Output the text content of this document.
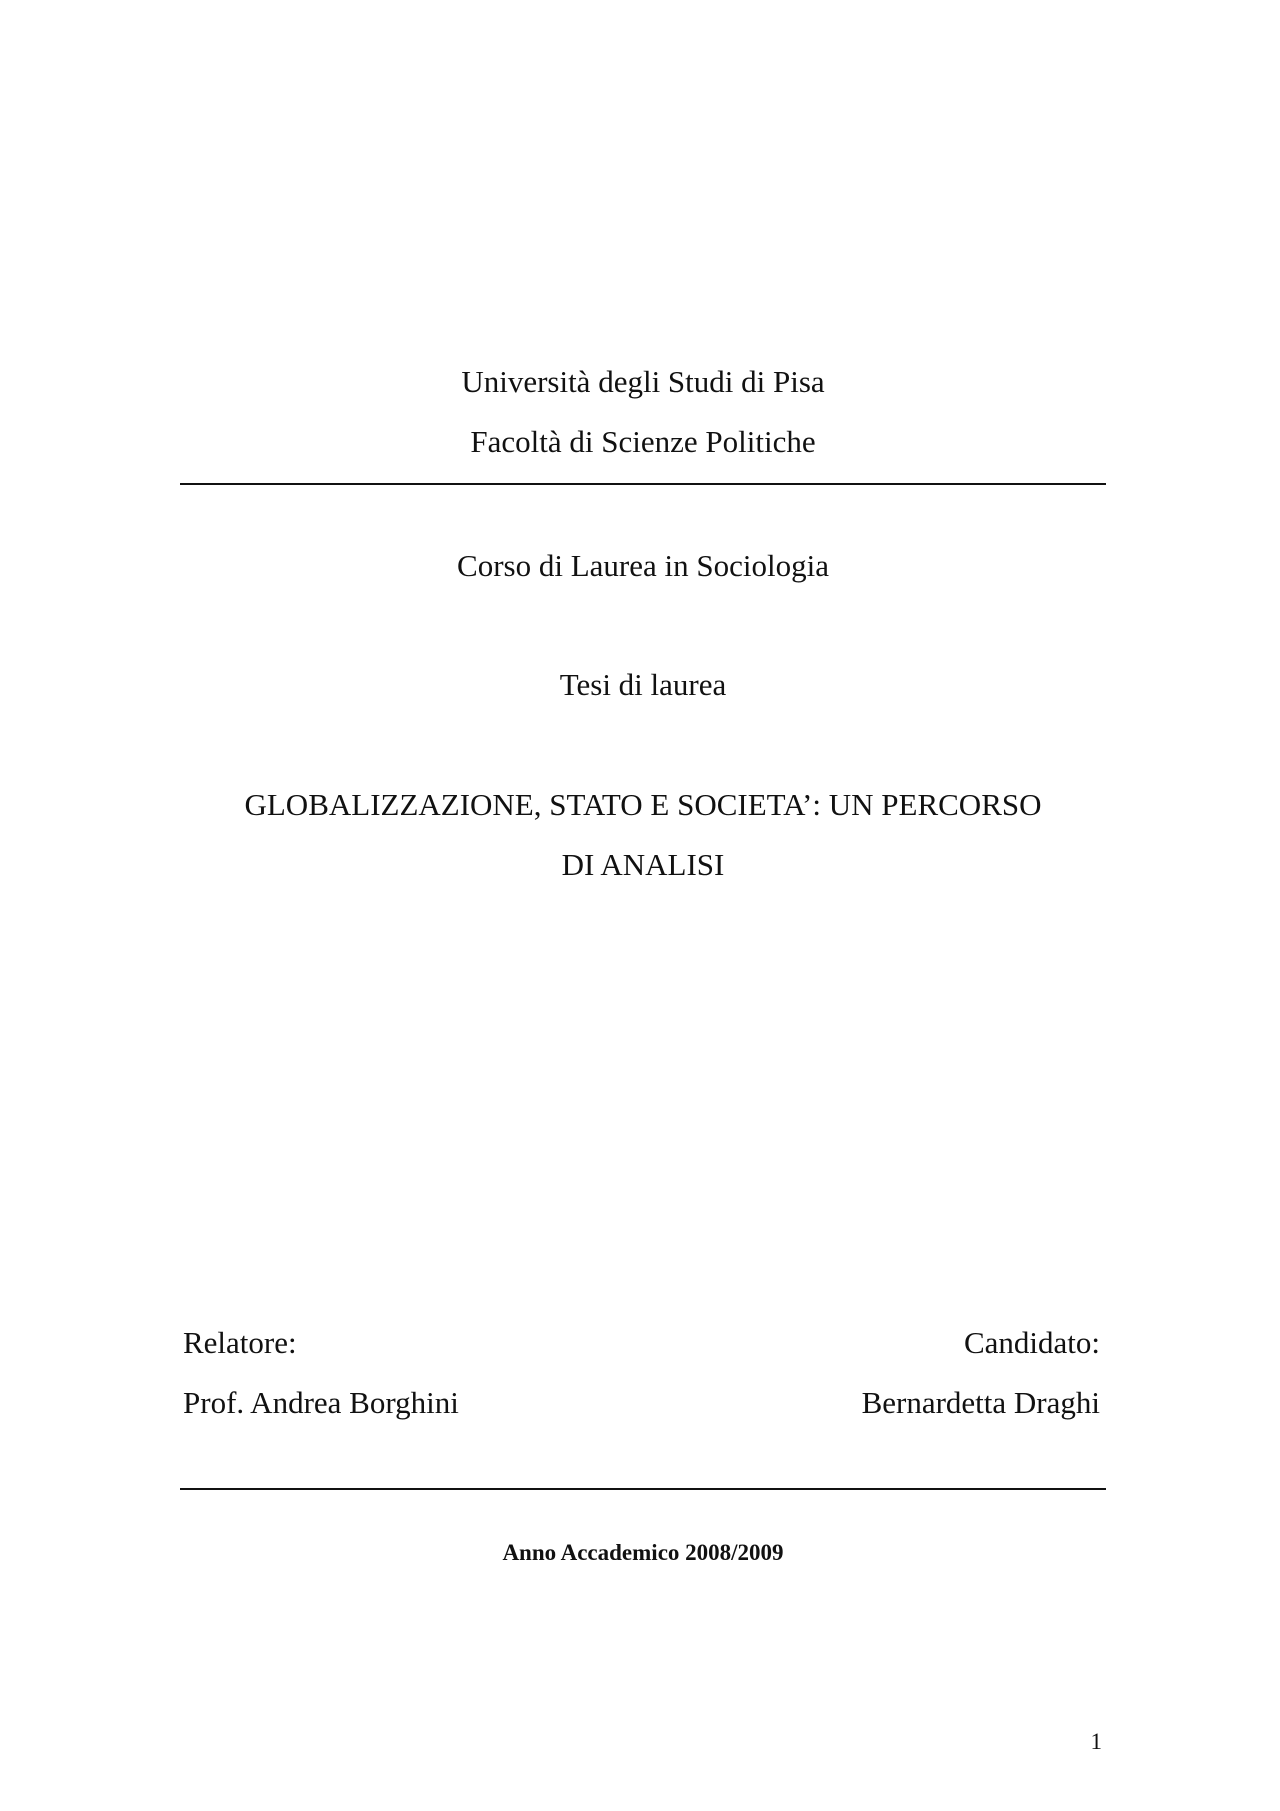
Università degli Studi di Pisa
Facoltà di Scienze Politiche
Corso di Laurea in Sociologia
Tesi di laurea
GLOBALIZZAZIONE, STATO E SOCIETA’: UN PERCORSO
DI ANALISI
Relatore:	Candidato:
Prof. Andrea Borghini	Bernardetta Draghi
Anno Accademico 2008/2009
1
